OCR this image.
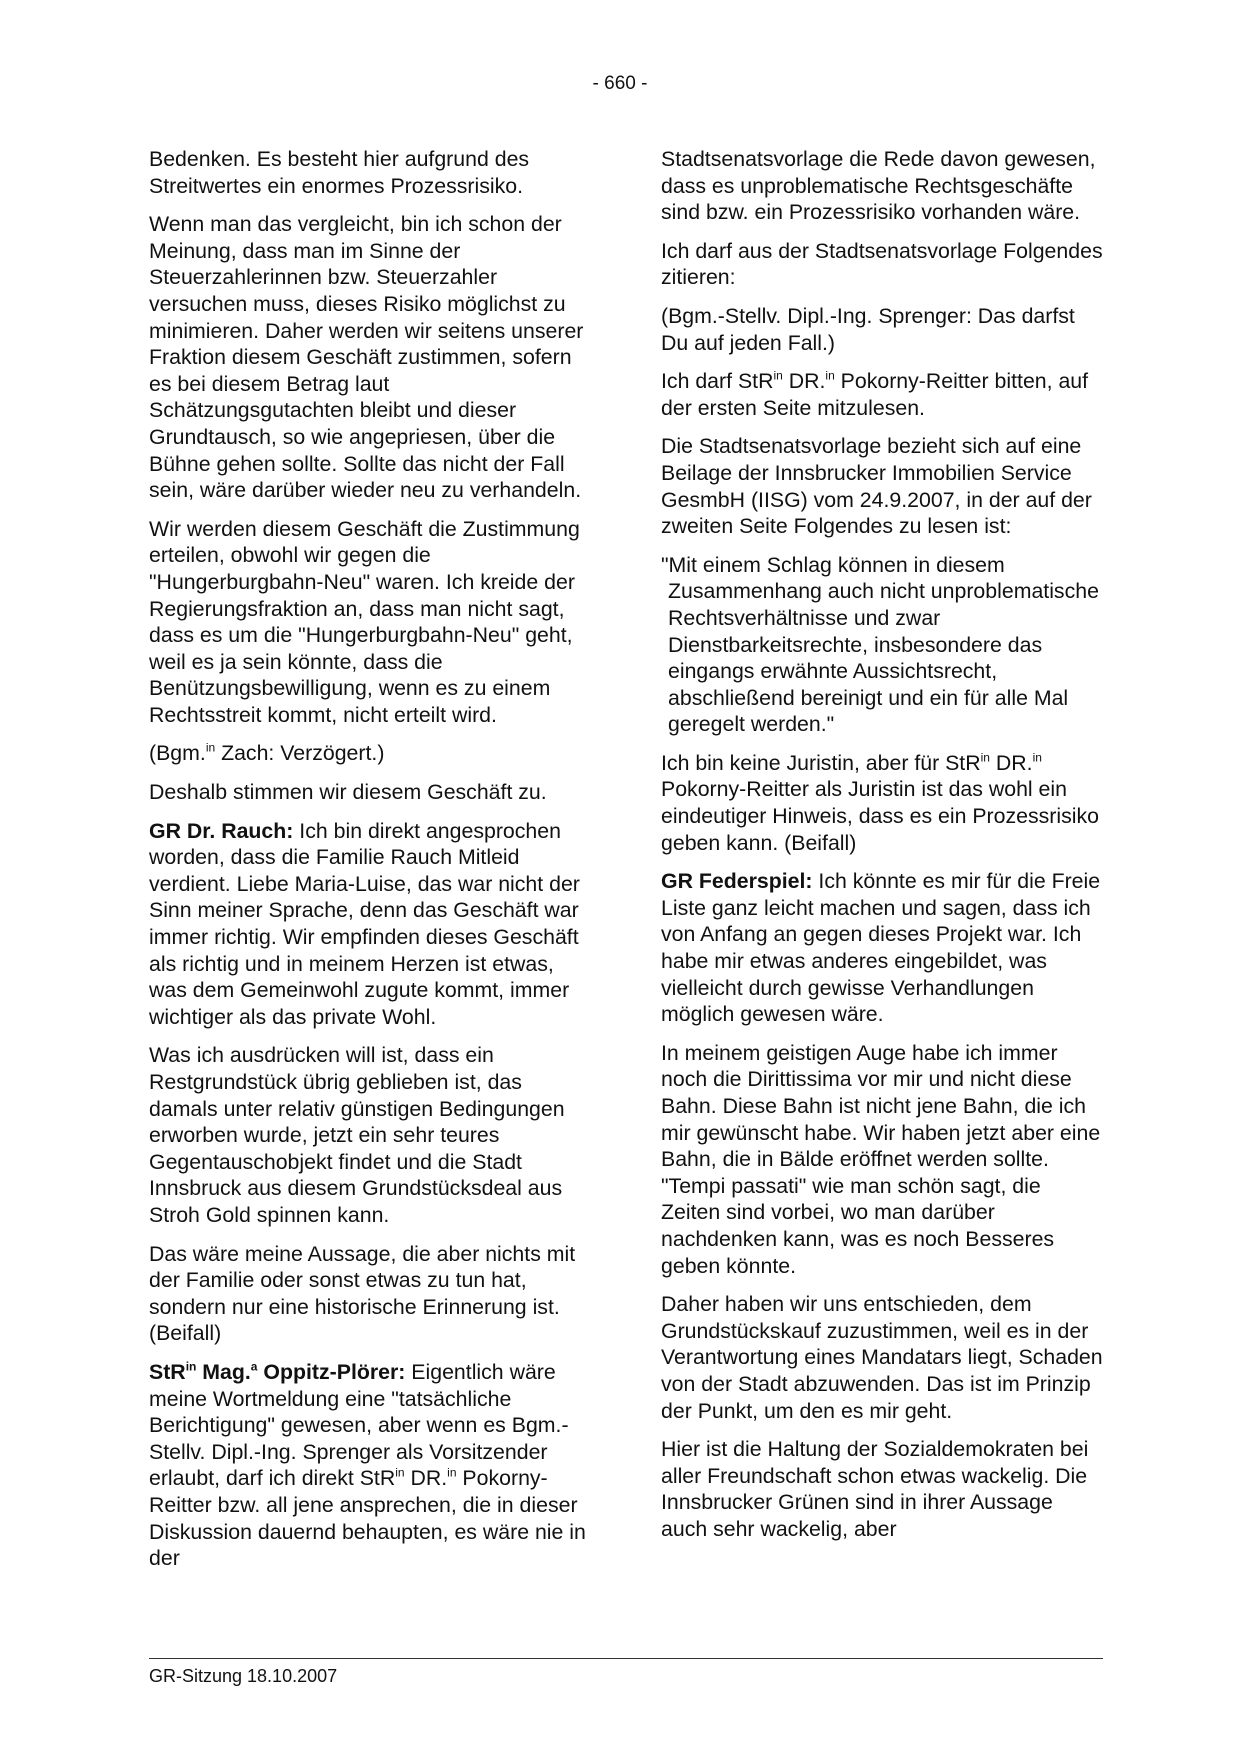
- 660 -

Bedenken. Es besteht hier aufgrund des Streitwertes ein enormes Prozessrisiko.

Wenn man das vergleicht, bin ich schon der Meinung, dass man im Sinne der Steuerzahlerinnen bzw. Steuerzahler versuchen muss, dieses Risiko möglichst zu minimieren. Daher werden wir seitens unserer Fraktion diesem Geschäft zustimmen, sofern es bei diesem Betrag laut Schätzungsgutachten bleibt und dieser Grundtausch, so wie angepriesen, über die Bühne gehen sollte. Sollte das nicht der Fall sein, wäre darüber wieder neu zu verhandeln.

Wir werden diesem Geschäft die Zustimmung erteilen, obwohl wir gegen die "Hungerburgbahn-Neu" waren. Ich kreide der Regierungsfraktion an, dass man nicht sagt, dass es um die "Hungerburgbahn-Neu" geht, weil es ja sein könnte, dass die Benützungsbewilligung, wenn es zu einem Rechtsstreit kommt, nicht erteilt wird.

(Bgm.$^{in}$ Zach: Verzögert.)

Deshalb stimmen wir diesem Geschäft zu.

GR Dr. Rauch: Ich bin direkt angesprochen worden, dass die Familie Rauch Mitleid verdient. Liebe Maria-Luise, das war nicht der Sinn meiner Sprache, denn das Geschäft war immer richtig. Wir empfinden dieses Geschäft als richtig und in meinem Herzen ist etwas, was dem Gemeinwohl zugute kommt, immer wichtiger als das private Wohl.

Was ich ausdrücken will ist, dass ein Restgrundstück übrig geblieben ist, das damals unter relativ günstigen Bedingungen erworben wurde, jetzt ein sehr teures Gegentauschobjekt findet und die Stadt Innsbruck aus diesem Grundstücksdeal aus Stroh Gold spinnen kann.

Das wäre meine Aussage, die aber nichts mit der Familie oder sonst etwas zu tun hat, sondern nur eine historische Erinnerung ist. (Beifall)

StR$^{in}$ Mag.$^a$ Oppitz-Plörer: Eigentlich wäre meine Wortmeldung eine "tatsächliche Berichtigung" gewesen, aber wenn es Bgm.-Stellv. Dipl.-Ing. Sprenger als Vorsitzender erlaubt, darf ich direkt StR$^{in}$ DR.$^{in}$ Pokorny-Reitter bzw. all jene ansprechen, die in dieser Diskussion dauernd behaupten, es wäre nie in der

Stadtsenatsvorlage die Rede davon gewesen, dass es unproblematische Rechtsgeschäfte sind bzw. ein Prozessrisiko vorhanden wäre.

Ich darf aus der Stadtsenatsvorlage Folgendes zitieren:

(Bgm.-Stellv. Dipl.-Ing. Sprenger: Das darfst Du auf jeden Fall.)

Ich darf StR$^{in}$ DR.$^{in}$ Pokorny-Reitter bitten, auf der ersten Seite mitzulesen.

Die Stadtsenatsvorlage bezieht sich auf eine Beilage der Innsbrucker Immobilien Service GesmbH (IISG) vom 24.9.2007, in der auf der zweiten Seite Folgendes zu lesen ist:

"Mit einem Schlag können in diesem Zusammenhang auch nicht unproblematische Rechtsverhältnisse und zwar Dienstbarkeitsrechte, insbesondere das eingangs erwähnte Aussichtsrecht, abschließend bereinigt und ein für alle Mal geregelt werden."

Ich bin keine Juristin, aber für StR$^{in}$ DR.$^{in}$ Pokorny-Reitter als Juristin ist das wohl ein eindeutiger Hinweis, dass es ein Prozessrisiko geben kann. (Beifall)

GR Federspiel: Ich könnte es mir für die Freie Liste ganz leicht machen und sagen, dass ich von Anfang an gegen dieses Projekt war. Ich habe mir etwas anderes eingebildet, was vielleicht durch gewisse Verhandlungen möglich gewesen wäre.

In meinem geistigen Auge habe ich immer noch die Dirittissima vor mir und nicht diese Bahn. Diese Bahn ist nicht jene Bahn, die ich mir gewünscht habe. Wir haben jetzt aber eine Bahn, die in Bälde eröffnet werden sollte. "Tempi passati" wie man schön sagt, die Zeiten sind vorbei, wo man darüber nachdenken kann, was es noch Besseres geben könnte.

Daher haben wir uns entschieden, dem Grundstückskauf zuzustimmen, weil es in der Verantwortung eines Mandatars liegt, Schaden von der Stadt abzuwenden. Das ist im Prinzip der Punkt, um den es mir geht.

Hier ist die Haltung der Sozialdemokraten bei aller Freundschaft schon etwas wackelig. Die Innsbrucker Grünen sind in ihrer Aussage auch sehr wackelig, aber

GR-Sitzung 18.10.2007
